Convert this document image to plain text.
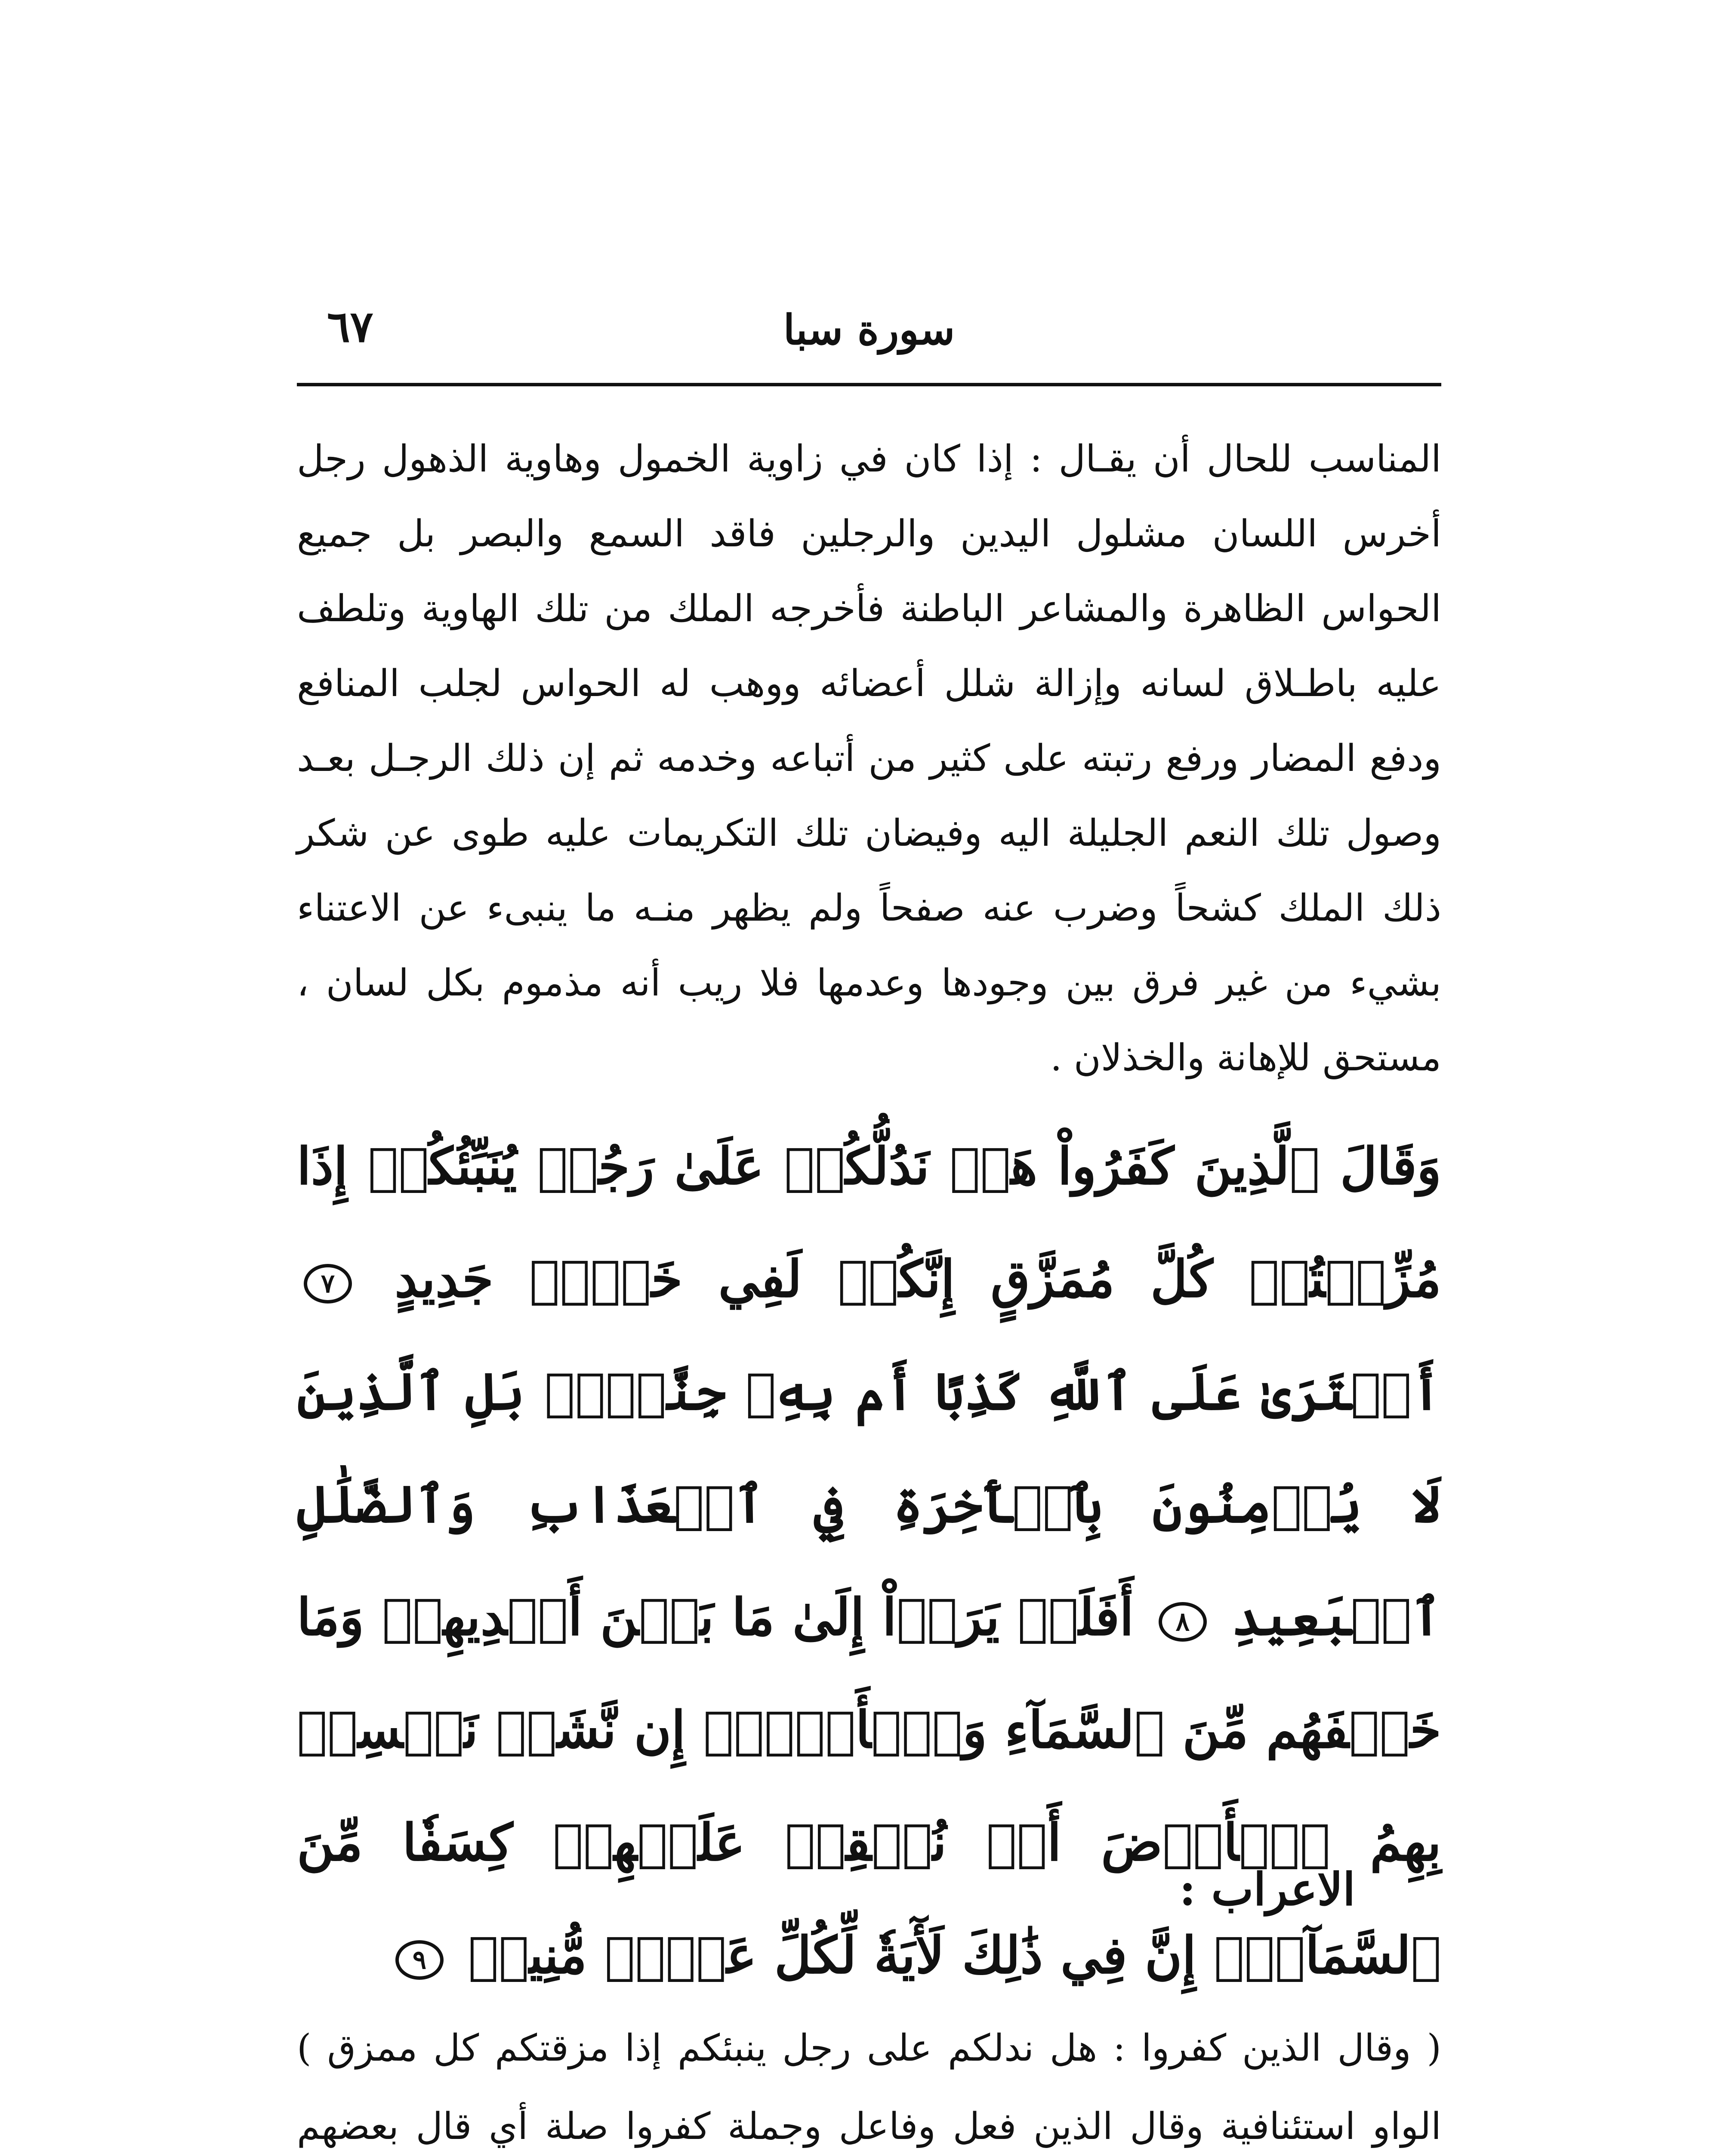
سورة سبا
٦٧

المناسب للحال أن يقـال : إذا كان في زاوية الخمول وهاوية الذهول رجل أخرس اللسان مشلول اليدين والرجلين فاقد السمع والبصر بل جميع الحواس الظاهرة والمشاعر الباطنة فأخرجه الملك من تلك الهاوية وتلطف عليه باطـلاق لسانه وإزالة شلل أعضائه ووهب له الحواس لجلب المنافع ودفع المضار ورفع رتبته على كثير من أتباعه وخدمه ثم إن ذلك الرجـل بعـد وصول تلك النعم الجليلة اليه وفيضان تلك التكريمات عليه طوى عن شكر ذلك الملك كشحاً وضرب عنه صفحاً ولم يظهر منـه ما ينبىء عن الاعتناء بشيء من غير فرق بين وجودها وعدمها فلا ريب أنه مذموم بكل لسان ، مستحق للإهانة والخذلان .

وَقَالَ ٱلَّذِينَ كَفَرُواْ هَلۡ نَدُلُّكُمۡ عَلَىٰ رَجُلٖ يُنَبِّئُكُمۡ إِذَا مُزِّقۡتُمۡ كُلَّ مُمَزَّقٍ إِنَّكُمۡ لَفِي خَلۡقٖ جَدِيدٍ ٧ أَفۡتَرَىٰ عَلَى ٱللَّهِ كَذِبًا أَم بِهِۦ جِنَّةُۢۗ بَلِ ٱلَّذِينَ لَا يُؤۡمِنُونَ بِٱلۡأٓخِرَةِ فِي ٱلۡعَذَابِ وَٱلضَّلَٰلِ ٱلۡبَعِيدِ ٨ أَفَلَمۡ يَرَوۡاْ إِلَىٰ مَا بَيۡنَ أَيۡدِيهِمۡ وَمَا خَلۡفَهُم مِّنَ ٱلسَّمَآءِ وَٱلۡأَرۡضِۚ إِن نَّشَأۡ نَخۡسِفۡ بِهِمُ ٱلۡأَرۡضَ أَوۡ نُسۡقِطۡ عَلَيۡهِمۡ كِسَفٗا مِّنَ ٱلسَّمَآءِۚ إِنَّ فِي ذَٰلِكَ لَأٓيَةٗ لِّكُلِّ عَبۡدٖ مُّنِيبٖ ٩
الاعراب :

( وقال الذين كفروا : هل ندلكم على رجل ينبئكم إذا مزقتكم كل ممزق ) الواو استئنافية وقال الذين فعل وفاعل وجملة كفروا صلة أي قال بعضهم
